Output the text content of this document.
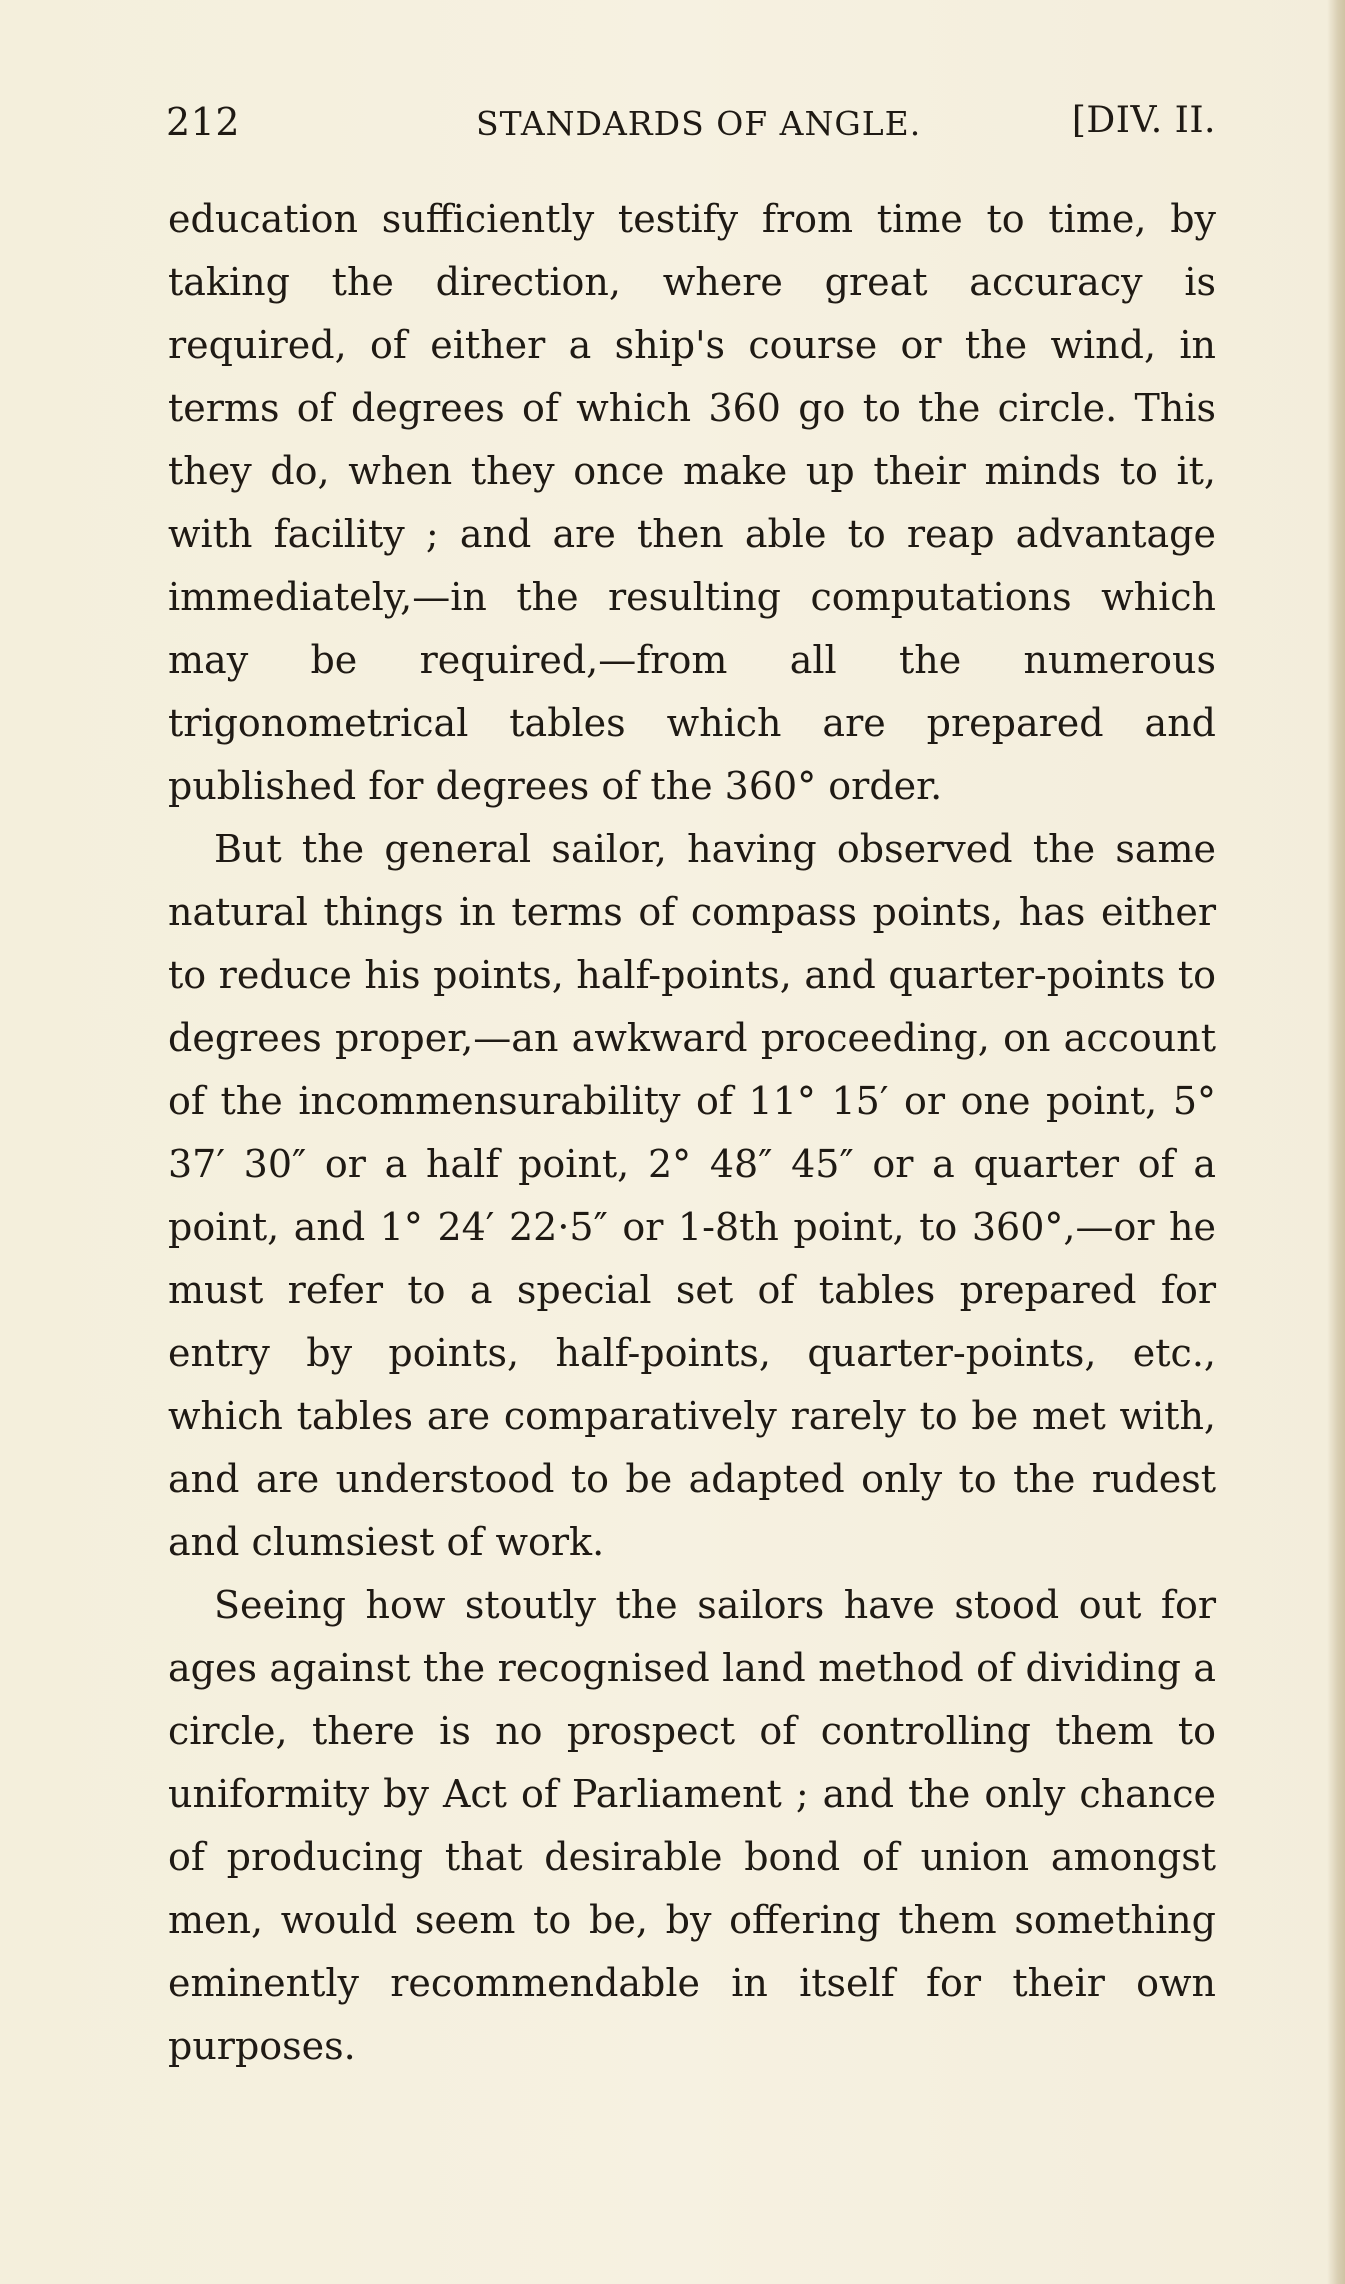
212	STANDARDS OF ANGLE.	[DIV. II.

education sufficiently testify from time to time, by taking the direction, where great accuracy is required, of either a ship's course or the wind, in terms of degrees of which 360 go to the circle. This they do, when they once make up their minds to it, with facility ; and are then able to reap advantage immediately,—in the resulting computations which may be required,—from all the numerous trigonometrical tables which are prepared and published for degrees of the 360° order.

But the general sailor, having observed the same natural things in terms of compass points, has either to reduce his points, half-points, and quarter-points to degrees proper,—an awkward proceeding, on account of the incommensurability of 11° 15′ or one point, 5° 37′ 30″ or a half point, 2° 48″ 45″ or a quarter of a point, and 1° 24′ 22·5″ or 1-8th point, to 360°,—or he must refer to a special set of tables prepared for entry by points, half-points, quarter-points, etc., which tables are comparatively rarely to be met with, and are understood to be adapted only to the rudest and clumsiest of work.

Seeing how stoutly the sailors have stood out for ages against the recognised land method of dividing a circle, there is no prospect of controlling them to uniformity by Act of Parliament ; and the only chance of producing that desirable bond of union amongst men, would seem to be, by offering them something eminently recommendable in itself for their own purposes.
